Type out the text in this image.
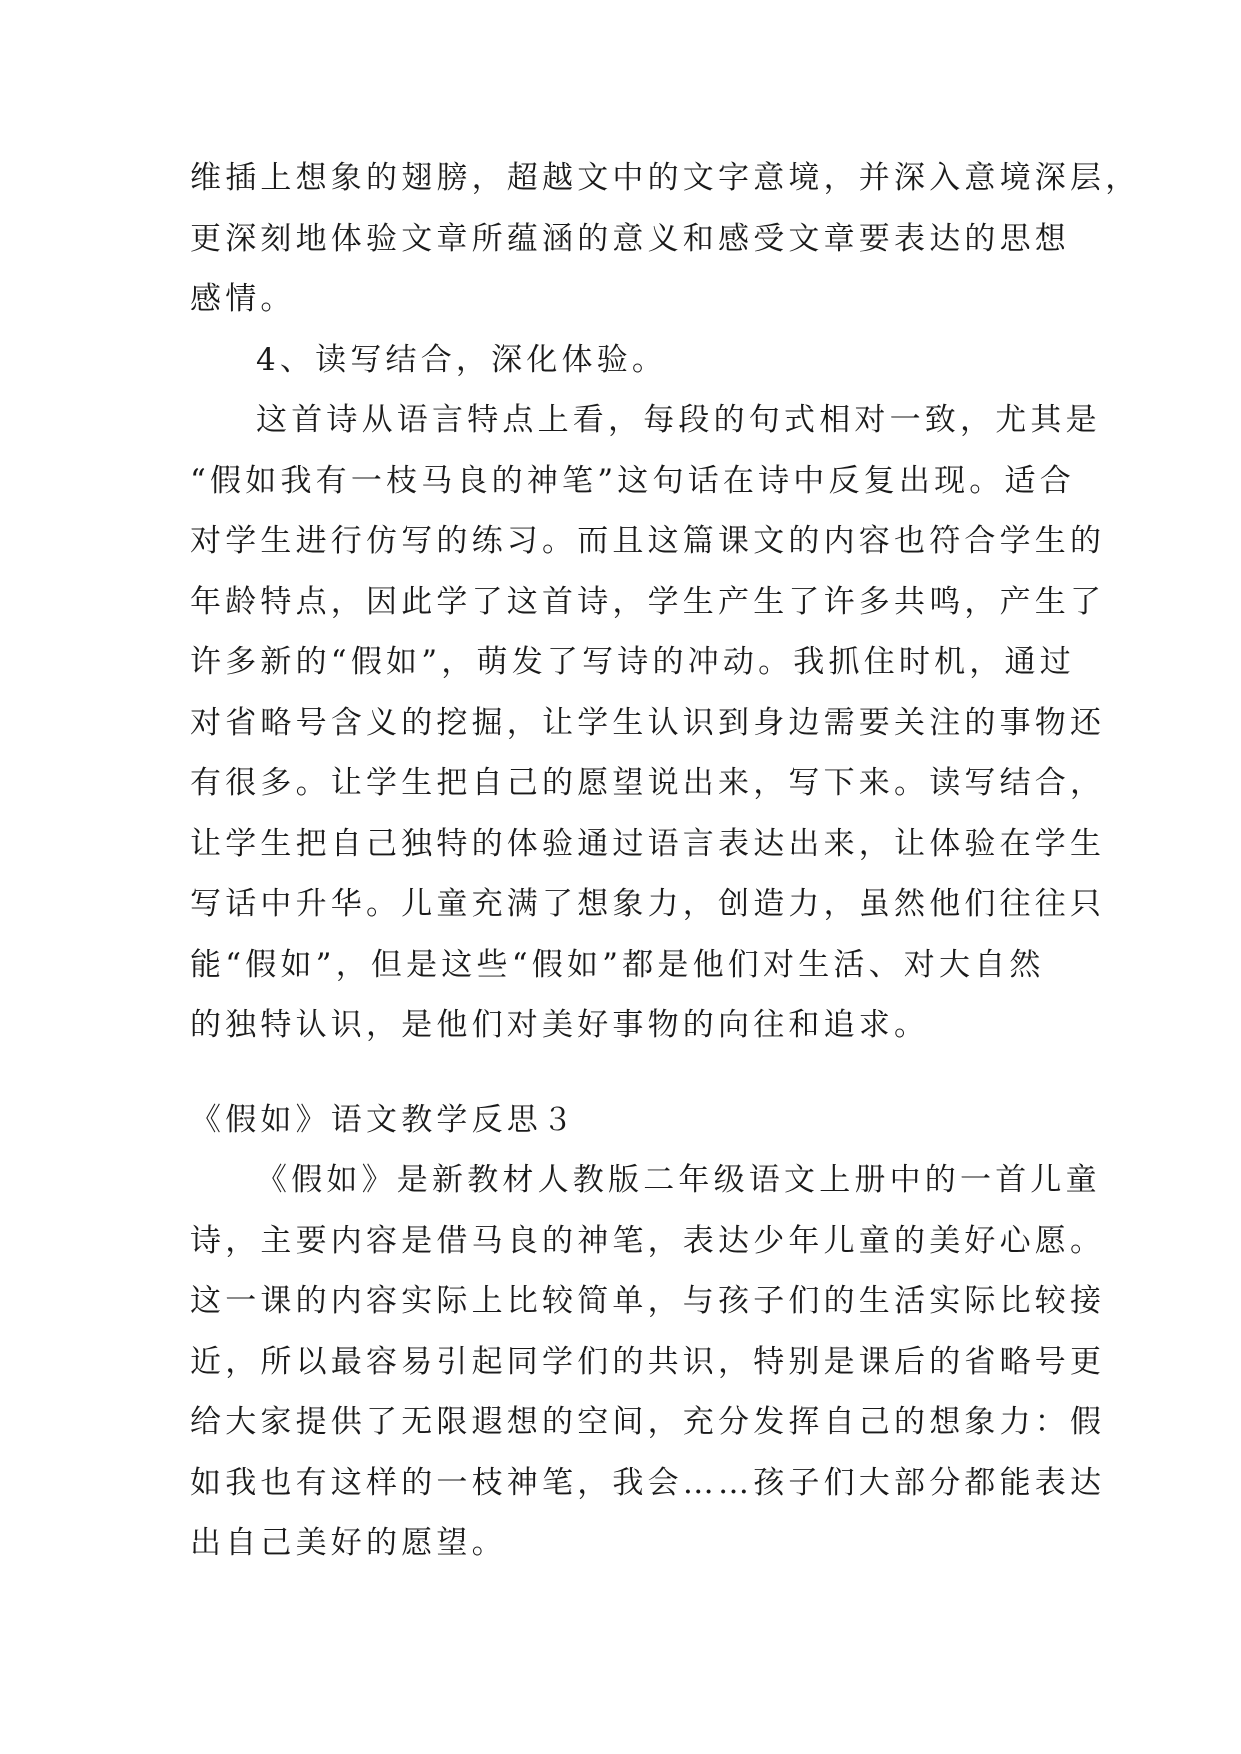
维插上想象的翅膀，超越文中的文字意境，并深入意境深层，
更深刻地体验文章所蕴涵的意义和感受文章要表达的思想
感情。
4、读写结合，深化体验。
这首诗从语言特点上看，每段的句式相对一致，尤其是
“假如我有一枝马良的神笔”这句话在诗中反复出现。适合
对学生进行仿写的练习。而且这篇课文的内容也符合学生的
年龄特点，因此学了这首诗，学生产生了许多共鸣，产生了
许多新的“假如”，萌发了写诗的冲动。我抓住时机，通过
对省略号含义的挖掘，让学生认识到身边需要关注的事物还
有很多。让学生把自己的愿望说出来，写下来。读写结合，
让学生把自己独特的体验通过语言表达出来，让体验在学生
写话中升华。儿童充满了想象力，创造力，虽然他们往往只
能“假如”，但是这些“假如”都是他们对生活、对大自然
的独特认识，是他们对美好事物的向往和追求。
《假如》语文教学反思３
《假如》是新教材人教版二年级语文上册中的一首儿童
诗，主要内容是借马良的神笔，表达少年儿童的美好心愿。
这一课的内容实际上比较简单，与孩子们的生活实际比较接
近，所以最容易引起同学们的共识，特别是课后的省略号更
给大家提供了无限遐想的空间，充分发挥自己的想象力：假
如我也有这样的一枝神笔，我会……孩子们大部分都能表达
出自己美好的愿望。
